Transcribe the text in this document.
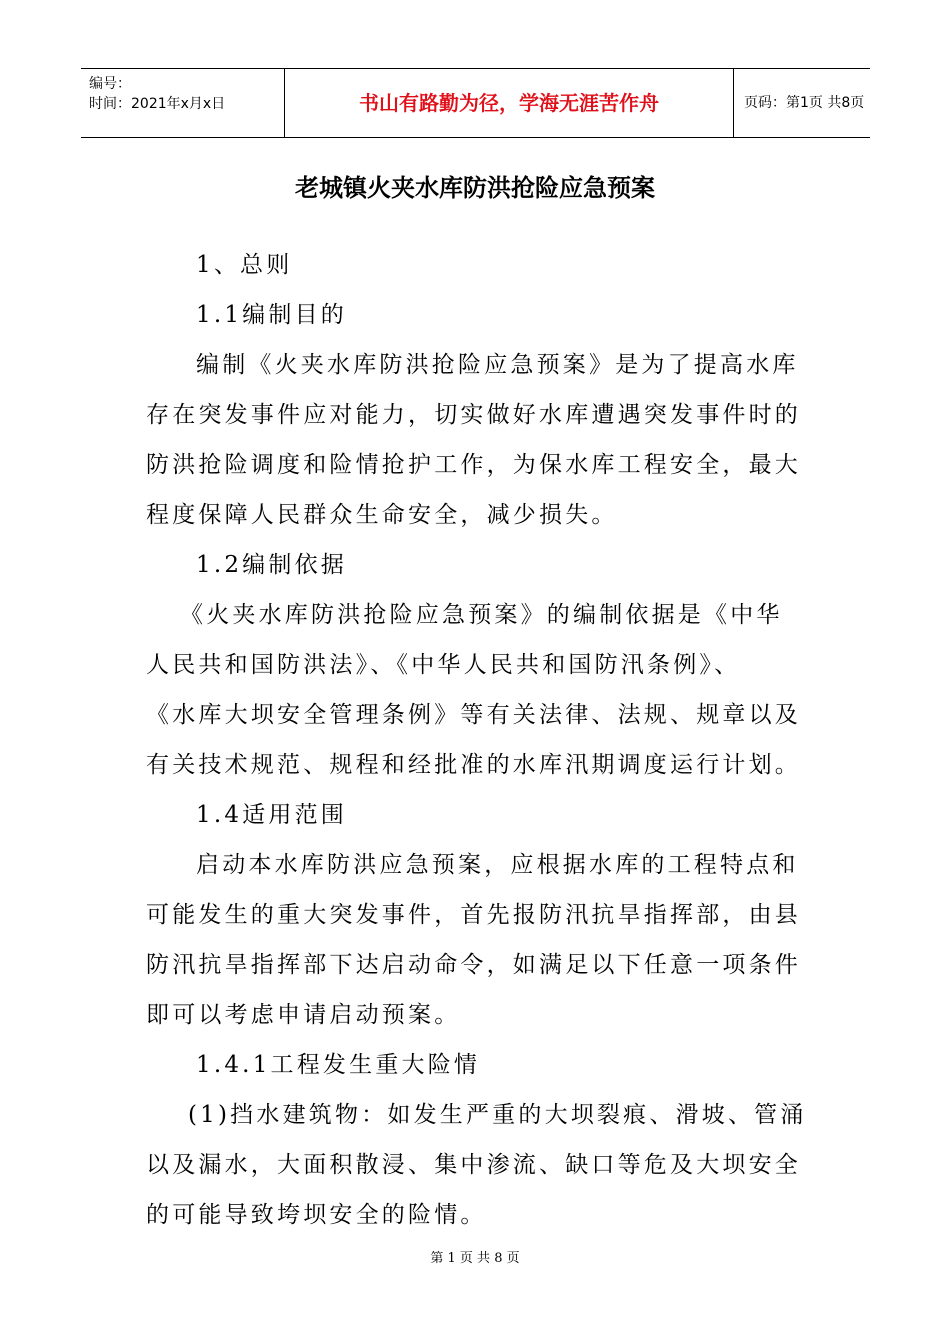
编号：
时间：2021年x月x日	书山有路勤为径，学海无涯苦作舟	页码：第1页 共8页
老城镇火夹水库防洪抢险应急预案
1、总则
1.1编制目的
编制《火夹水库防洪抢险应急预案》是为了提高水库
存在突发事件应对能力，切实做好水库遭遇突发事件时的
防洪抢险调度和险情抢护工作，为保水库工程安全，最大
程度保障人民群众生命安全，减少损失。
1.2编制依据
《火夹水库防洪抢险应急预案》的编制依据是《中华
人民共和国防洪法》、《中华人民共和国防汛条例》、
《水库大坝安全管理条例》等有关法律、法规、规章以及
有关技术规范、规程和经批准的水库汛期调度运行计划。
1.4适用范围
启动本水库防洪应急预案，应根据水库的工程特点和
可能发生的重大突发事件，首先报防汛抗旱指挥部，由县
防汛抗旱指挥部下达启动命令，如满足以下任意一项条件
即可以考虑申请启动预案。
1.4.1工程发生重大险情
(1)挡水建筑物：如发生严重的大坝裂痕、滑坡、管涌
以及漏水，大面积散浸、集中渗流、缺口等危及大坝安全
的可能导致垮坝安全的险情。
第 1 页 共 8 页
